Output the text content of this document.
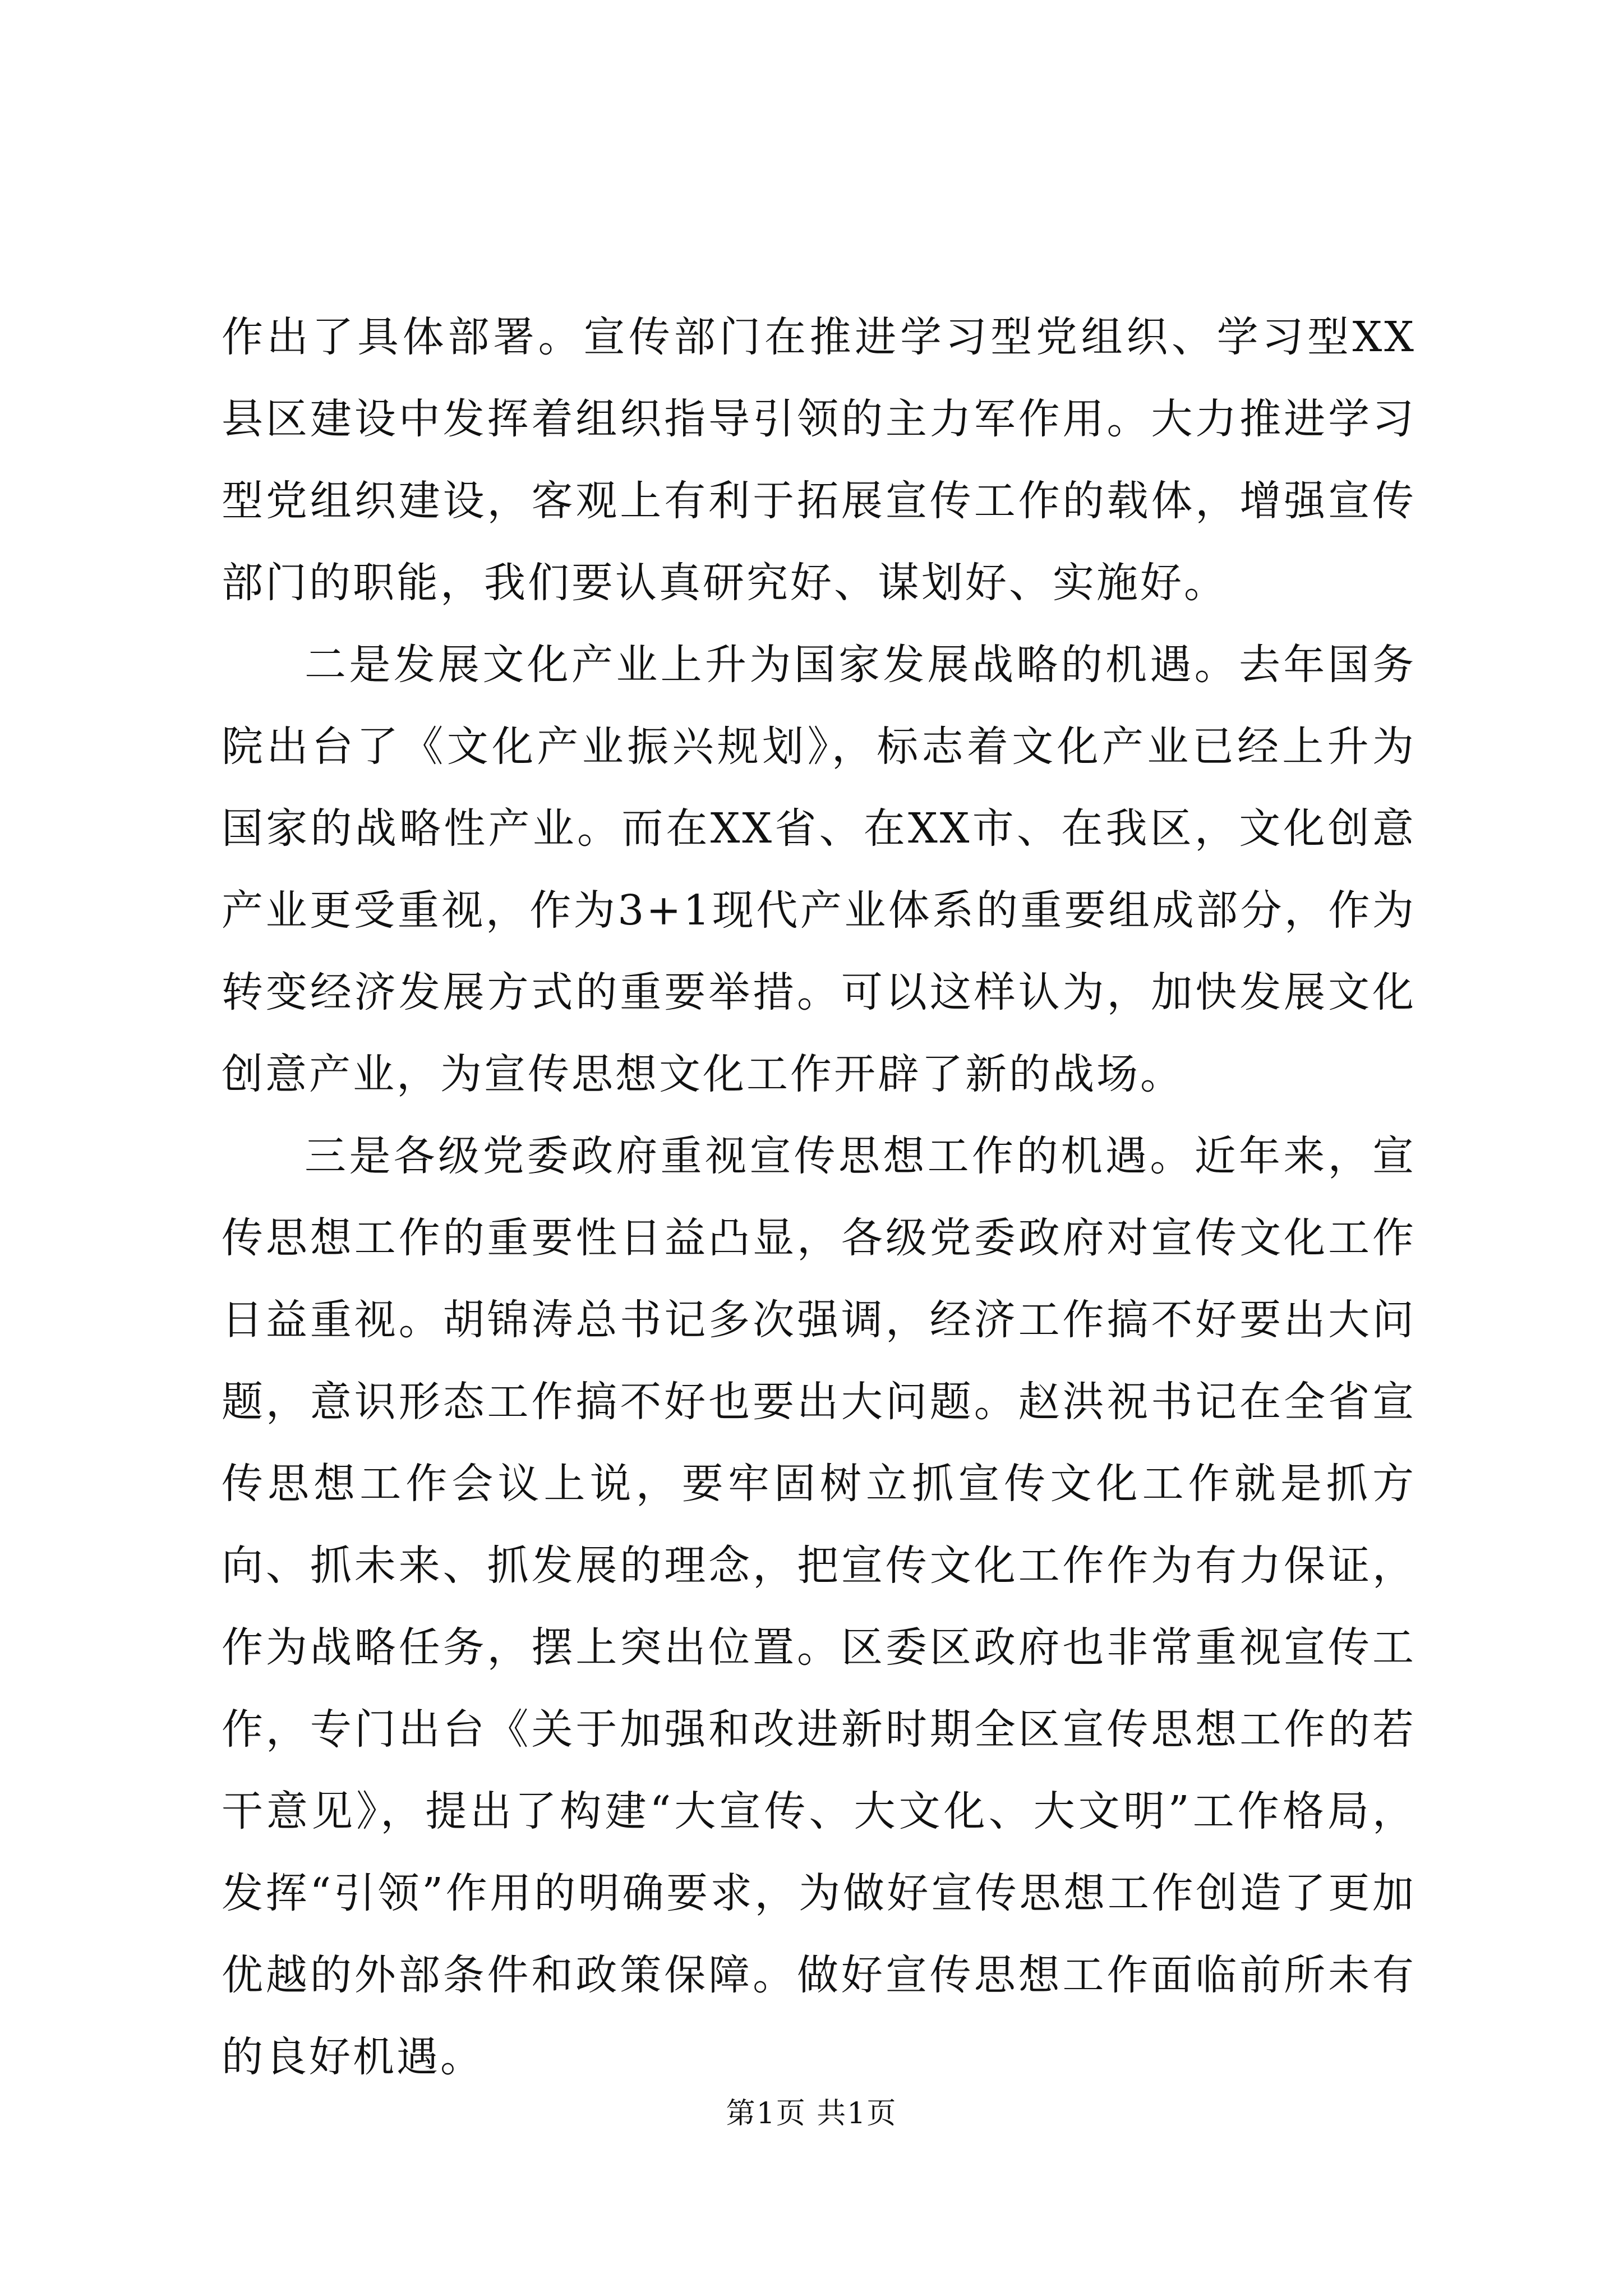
作出了具体部署。宣传部门在推进学习型党组织、学习型XX县区建设中发挥着组织指导引领的主力军作用。大力推进学习型党组织建设，客观上有利于拓展宣传工作的载体，增强宣传部门的职能，我们要认真研究好、谋划好、实施好。

二是发展文化产业上升为国家发展战略的机遇。去年国务院出台了《文化产业振兴规划》，标志着文化产业已经上升为国家的战略性产业。而在XX省、在XX市、在我区，文化创意产业更受重视，作为3+1现代产业体系的重要组成部分，作为转变经济发展方式的重要举措。可以这样认为，加快发展文化创意产业，为宣传思想文化工作开辟了新的战场。

三是各级党委政府重视宣传思想工作的机遇。近年来，宣传思想工作的重要性日益凸显，各级党委政府对宣传文化工作日益重视。胡锦涛总书记多次强调，经济工作搞不好要出大问题，意识形态工作搞不好也要出大问题。赵洪祝书记在全省宣传思想工作会议上说，要牢固树立抓宣传文化工作就是抓方向、抓未来、抓发展的理念，把宣传文化工作作为有力保证，作为战略任务，摆上突出位置。区委区政府也非常重视宣传工作，专门出台《关于加强和改进新时期全区宣传思想工作的若干意见》，提出了构建“大宣传、大文化、大文明”工作格局，发挥“引领”作用的明确要求，为做好宣传思想工作创造了更加优越的外部条件和政策保障。做好宣传思想工作面临前所未有的良好机遇。

第1页 共1页
